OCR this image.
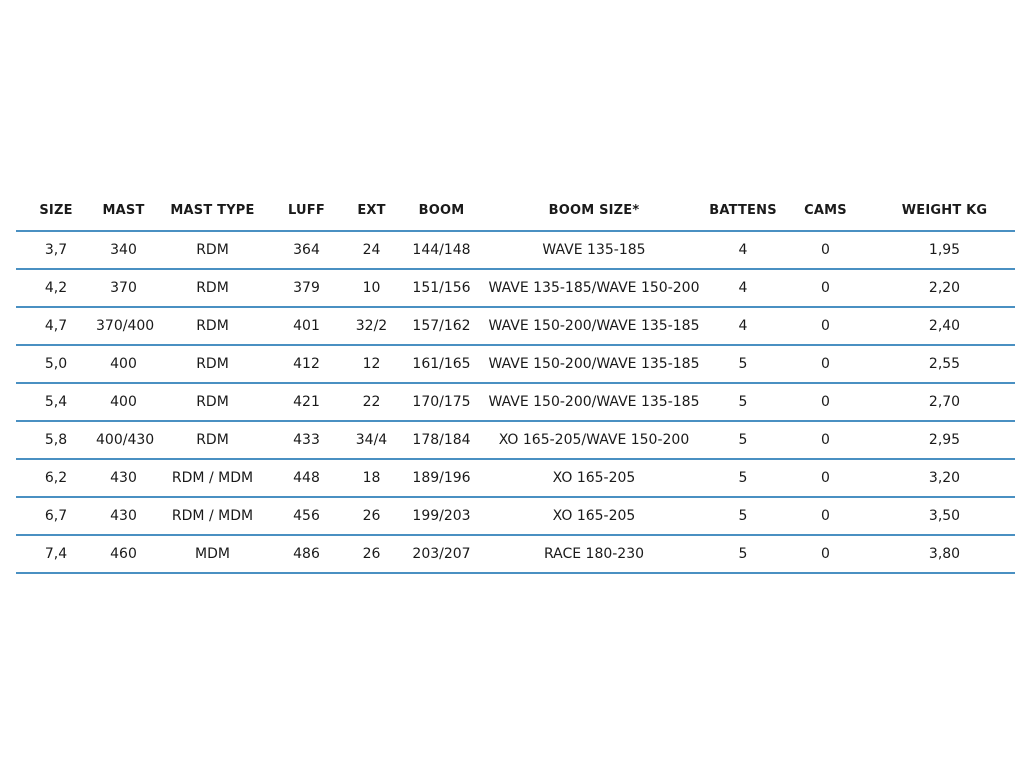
SIZE	MAST	MAST TYPE	LUFF	EXT	BOOM	BOOM SIZE*	BATTENS	CAMS	WEIGHT KG
3,7	340	RDM	364	24	144/148	WAVE 135-185	4	0	1,95
4,2	370	RDM	379	10	151/156	WAVE 135-185/WAVE 150-200	4	0	2,20
4,7	370/400	RDM	401	32/2	157/162	WAVE 150-200/WAVE 135-185	4	0	2,40
5,0	400	RDM	412	12	161/165	WAVE 150-200/WAVE 135-185	5	0	2,55
5,4	400	RDM	421	22	170/175	WAVE 150-200/WAVE 135-185	5	0	2,70
5,8	400/430	RDM	433	34/4	178/184	XO 165-205/WAVE 150-200	5	0	2,95
6,2	430	RDM / MDM	448	18	189/196	XO 165-205	5	0	3,20
6,7	430	RDM / MDM	456	26	199/203	XO 165-205	5	0	3,50
7,4	460	MDM	486	26	203/207	RACE 180-230	5	0	3,80
